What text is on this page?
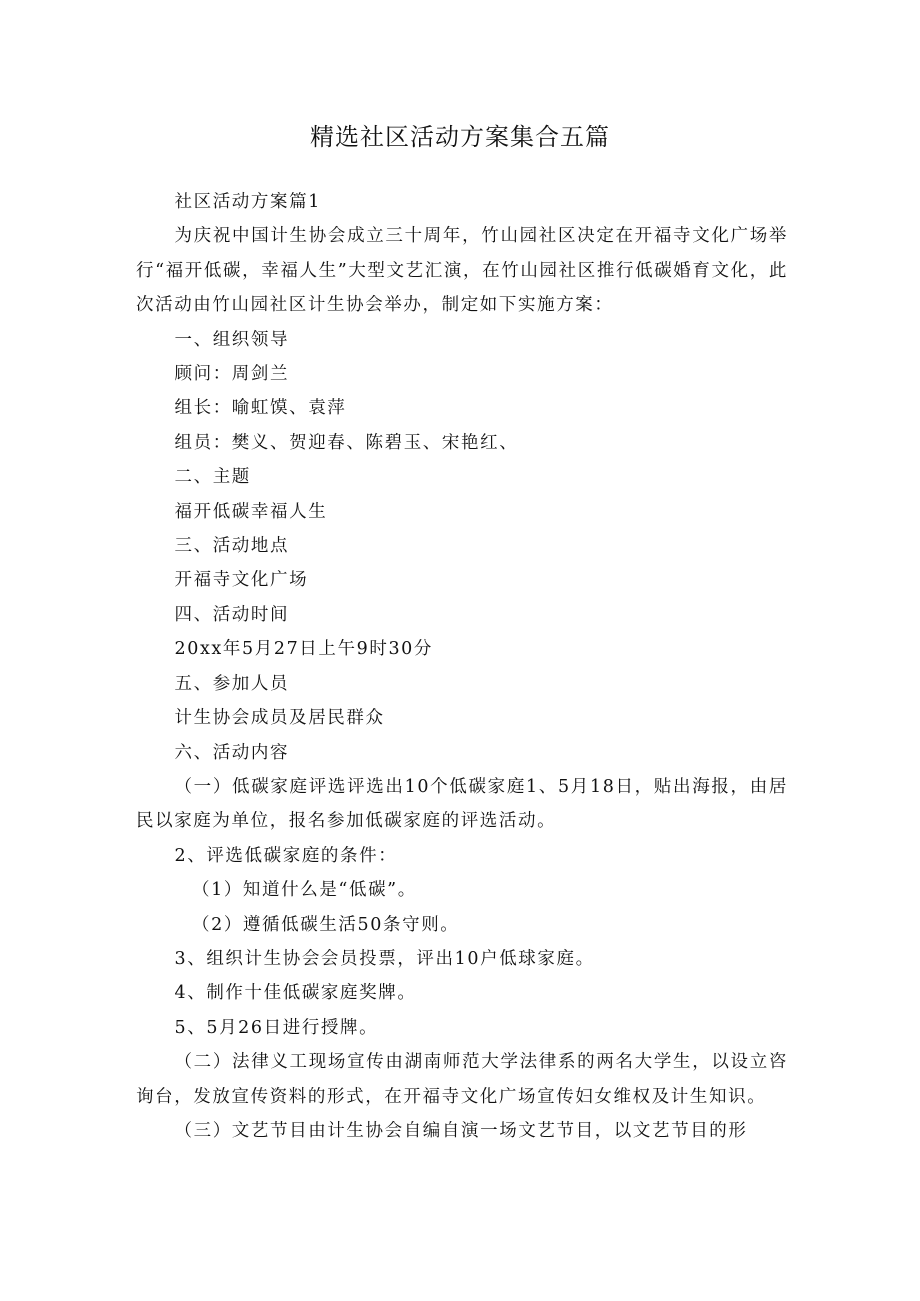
精选社区活动方案集合五篇

社区活动方案篇1

为庆祝中国计生协会成立三十周年，竹山园社区决定在开福寺文化广场举行“福开低碳，幸福人生”大型文艺汇演，在竹山园社区推行低碳婚育文化，此次活动由竹山园社区计生协会举办，制定如下实施方案：

一、组织领导

顾问：周剑兰

组长：喻虹馍、袁萍

组员：樊义、贺迎春、陈碧玉、宋艳红、

二、主题

福开低碳幸福人生

三、活动地点

开福寺文化广场

四、活动时间

20xx年5月27日上午9时30分

五、参加人员

计生协会成员及居民群众

六、活动内容

（一）低碳家庭评选评选出10个低碳家庭1、5月18日，贴出海报，由居民以家庭为单位，报名参加低碳家庭的评选活动。

2、评选低碳家庭的条件：

（1）知道什么是“低碳”。

（2）遵循低碳生活50条守则。

3、组织计生协会会员投票，评出10户低球家庭。

4、制作十佳低碳家庭奖牌。

5、5月26日进行授牌。

（二）法律义工现场宣传由湖南师范大学法律系的两名大学生，以设立咨询台，发放宣传资料的形式，在开福寺文化广场宣传妇女维权及计生知识。

（三）文艺节目由计生协会自编自演一场文艺节目，以文艺节目的形
